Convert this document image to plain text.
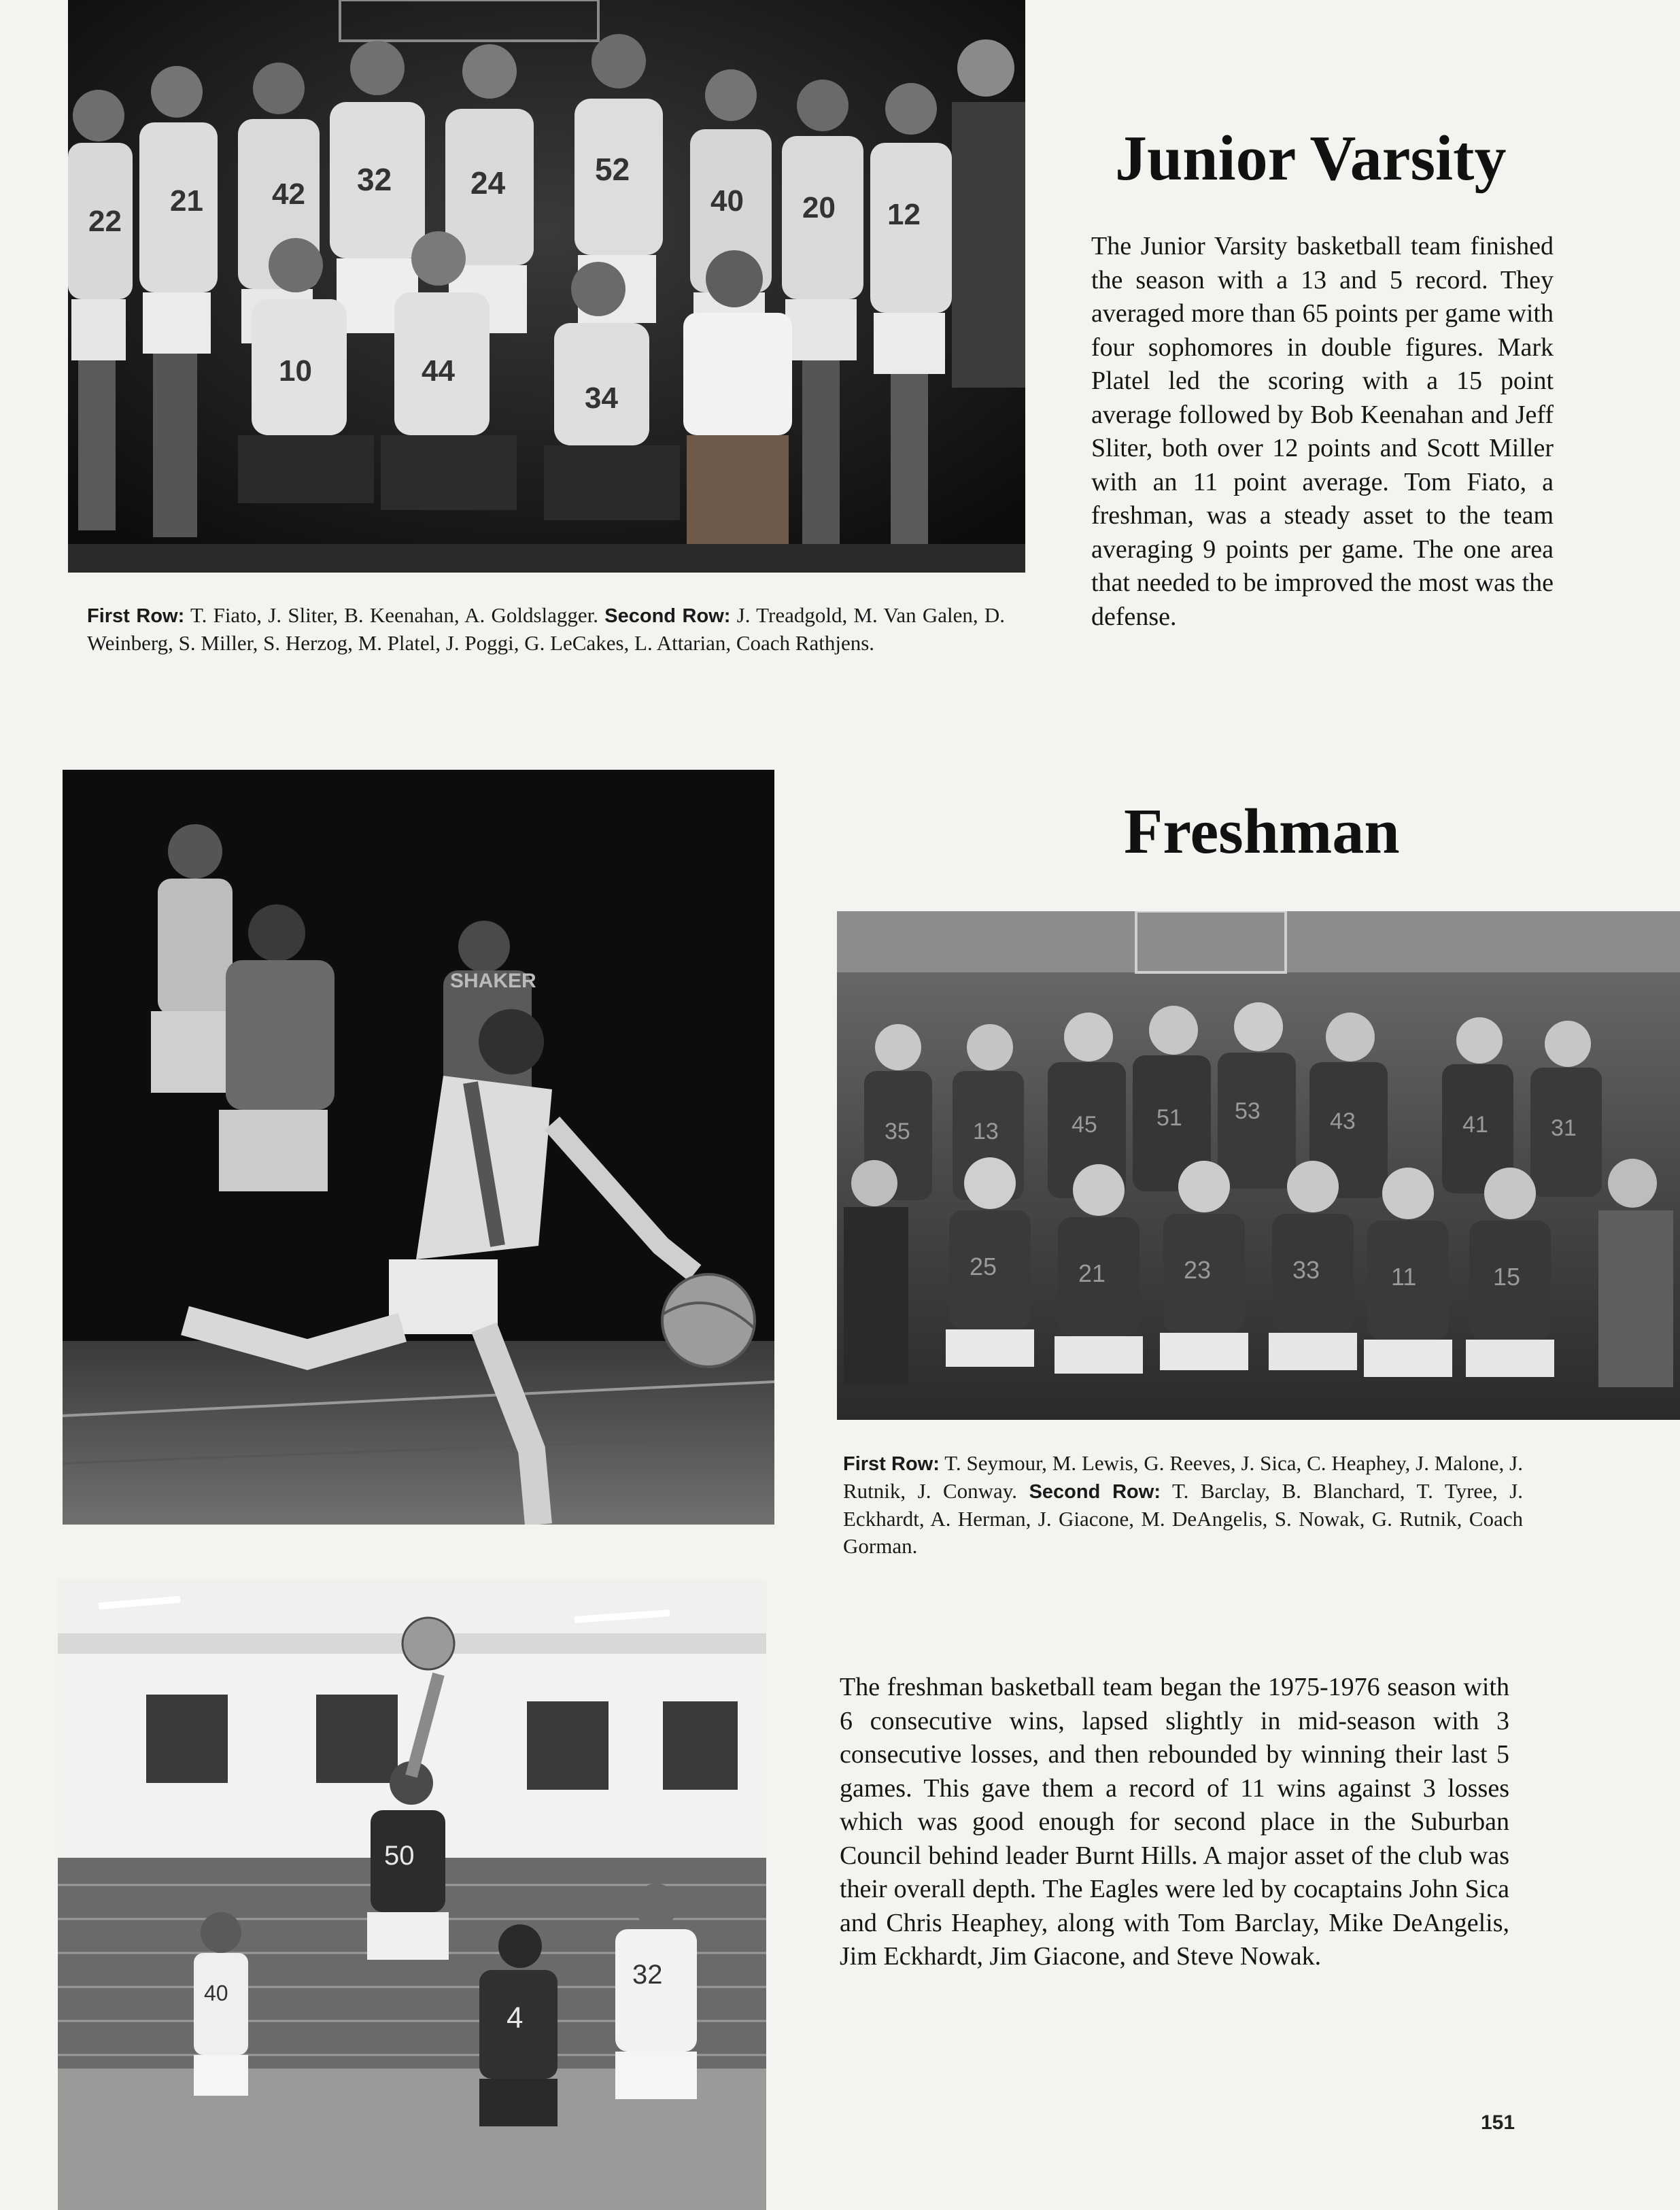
22
21 42 32	24	52
40 20 12
10	44
34

First Row: T. Fiato, J. Sliter, B. Keenahan, A. Goldslagger. Second Row: J. Treadgold, M. Van Galen, D. Weinberg, S. Miller, S. Herzog, M. Platel, J. Poggi, G. LeCakes, L. Attarian, Coach Rathjens.

Junior Varsity

The Junior Varsity basketball team finished the season with a 13 and 5 record. They averaged more than 65 points per game with four sophomores in double figures. Mark Platel led the scoring with a 15 point average followed by Bob Keenahan and Jeff Sliter, both over 12 points and Scott Miller with an 11 point average. Tom Fiato, a freshman, was a steady asset to the team averaging 9 points per game. The one area that needed to be improved the most was the defense.

SHAKER
Freshman
35	13	45	51 53	43	41	31
25	21	23	33	11	15

First Row: T. Seymour, M. Lewis, G. Reeves, J. Sica, C. Heaphey, J. Malone, J. Rutnik, J. Conway. Second Row: T. Barclay, B. Blanchard, T. Tyree, J. Eckhardt, A. Herman, J. Giacone, M. DeAngelis, S. Nowak, G. Rutnik, Coach Gorman.

40
50
4
32

The freshman basketball team began the 1975-1976 season with 6 consecutive wins, lapsed slightly in mid-season with 3 consecutive losses, and then rebounded by winning their last 5 games. This gave them a record of 11 wins against 3 losses which was good enough for second place in the Suburban Council behind leader Burnt Hills. A major asset of the club was their overall depth. The Eagles were led by cocaptains John Sica and Chris Heaphey, along with Tom Barclay, Mike DeAngelis, Jim Eckhardt, Jim Giacone, and Steve Nowak.

151
